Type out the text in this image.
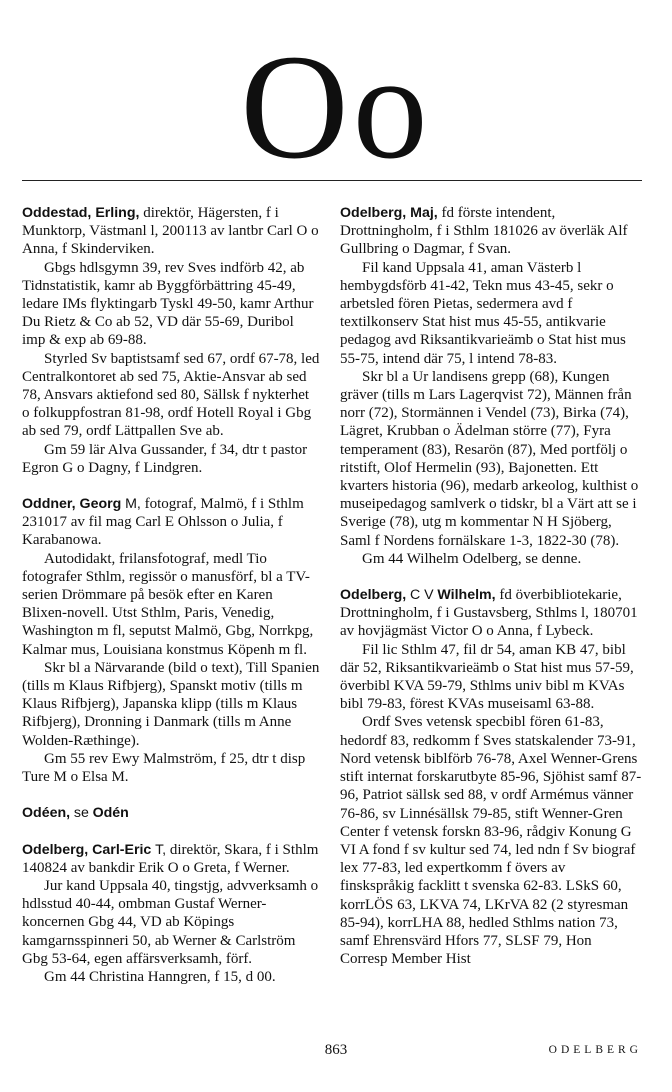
Oo

Oddestad, Erling, direktör, Hägersten, f i Munktorp, Västmanl l, 200113 av lantbr Carl O o Anna, f Skinderviken.

Gbgs hdlsgymn 39, rev Sves indförb 42, ab Tidnstatistik, kamr ab Byggförbättring 45-49, ledare IMs flyktingarb Tyskl 49-50, kamr Arthur Du Rietz & Co ab 52, VD där 55-69, Duribol imp & exp ab 69-88.

Styrled Sv baptistsamf sed 67, ordf 67-78, led Centralkontoret ab sed 75, Aktie-Ansvar ab sed 78, Ansvars aktiefond sed 80, Sällsk f nykterhet o folkuppfostran 81-98, ordf Hotell Royal i Gbg ab sed 79, ordf Lättpallen Sve ab.

Gm 59 lär Alva Gussander, f 34, dtr t pastor Egron G o Dagny, f Lindgren.

Oddner, Georg M, fotograf, Malmö, f i Sthlm 231017 av fil mag Carl E Ohlsson o Julia, f Karabanowa.

Autodidakt, frilansfotograf, medl Tio fotografer Sthlm, regissör o manusförf, bl a TV-serien Drömmare på besök efter en Karen Blixen-novell. Utst Sthlm, Paris, Venedig, Washington m fl, seputst Malmö, Gbg, Norrkpg, Kalmar mus, Louisiana konstmus Köpenh m fl.

Skr bl a Närvarande (bild o text), Till Spanien (tills m Klaus Rifbjerg), Spanskt motiv (tills m Klaus Rifbjerg), Japanska klipp (tills m Klaus Rifbjerg), Dronning i Danmark (tills m Anne Wolden-Ræthinge).

Gm 55 rev Ewy Malmström, f 25, dtr t disp Ture M o Elsa M.

Odéen, se Odén

Odelberg, Carl-Eric T, direktör, Skara, f i Sthlm 140824 av bankdir Erik O o Greta, f Werner.

Jur kand Uppsala 40, tingstjg, advverksamh o hdlsstud 40-44, ombman Gustaf Werner-koncernen Gbg 44, VD ab Köpings kamgarnsspinneri 50, ab Werner & Carlström Gbg 53-64, egen affärsverksamh, förf.

Gm 44 Christina Hanngren, f 15, d 00.

Odelberg, Maj, fd förste intendent, Drottningholm, f i Sthlm 181026 av överläk Alf Gullbring o Dagmar, f Svan.

Fil kand Uppsala 41, aman Västerb l hembygdsförb 41-42, Tekn mus 43-45, sekr o arbetsled fören Pietas, sedermera avd f textilkonserv Stat hist mus 45-55, antikvarie pedagog avd Riksantikvarieämb o Stat hist mus 55-75, intend där 75, l intend 78-83.

Skr bl a Ur landisens grepp (68), Kungen gräver (tills m Lars Lagerqvist 72), Männen från norr (72), Stormännen i Vendel (73), Birka (74), Lägret, Krubban o Ädelman större (77), Fyra temperament (83), Resarön (87), Med portfölj o ritstift, Olof Hermelin (93), Bajonetten. Ett kvarters historia (96), medarb arkeolog, kulthist o museipedagog samlverk o tidskr, bl a Värt att se i Sverige (78), utg m kommentar N H Sjöberg, Saml f Nordens fornälskare 1-3, 1822-30 (78).

Gm 44 Wilhelm Odelberg, se denne.

Odelberg, C V Wilhelm, fd överbibliotekarie, Drottningholm, f i Gustavsberg, Sthlms l, 180701 av hovjägmäst Victor O o Anna, f Lybeck.

Fil lic Sthlm 47, fil dr 54, aman KB 47, bibl där 52, Riksantikvarieämb o Stat hist mus 57-59, överbibl KVA 59-79, Sthlms univ bibl m KVAs bibl 79-83, förest KVAs museisaml 63-88.

Ordf Sves vetensk specbibl fören 61-83, hedordf 83, redkomm f Sves statskalender 73-91, Nord vetensk biblförb 76-78, Axel Wenner-Grens stift internat forskarutbyte 85-96, Sjöhist samf 87-96, Patriot sällsk sed 88, v ordf Armémus vänner 76-86, sv Linnésällsk 79-85, stift Wenner-Gren Center f vetensk forskn 83-96, rådgiv Konung G VI A fond f sv kultur sed 74, led ndn f Sv biograf lex 77-83, led expertkomm f övers av finskspråkig facklitt t svenska 62-83. LSkS 60, korrLÖS 63, LKVA 74, LKrVA 82 (2 styresman 85-94), korrLHA 88, hedled Sthlms nation 73, samf Ehrensvärd Hfors 77, SLSF 79, Hon Corresp Member Hist

863	ODELBERG
